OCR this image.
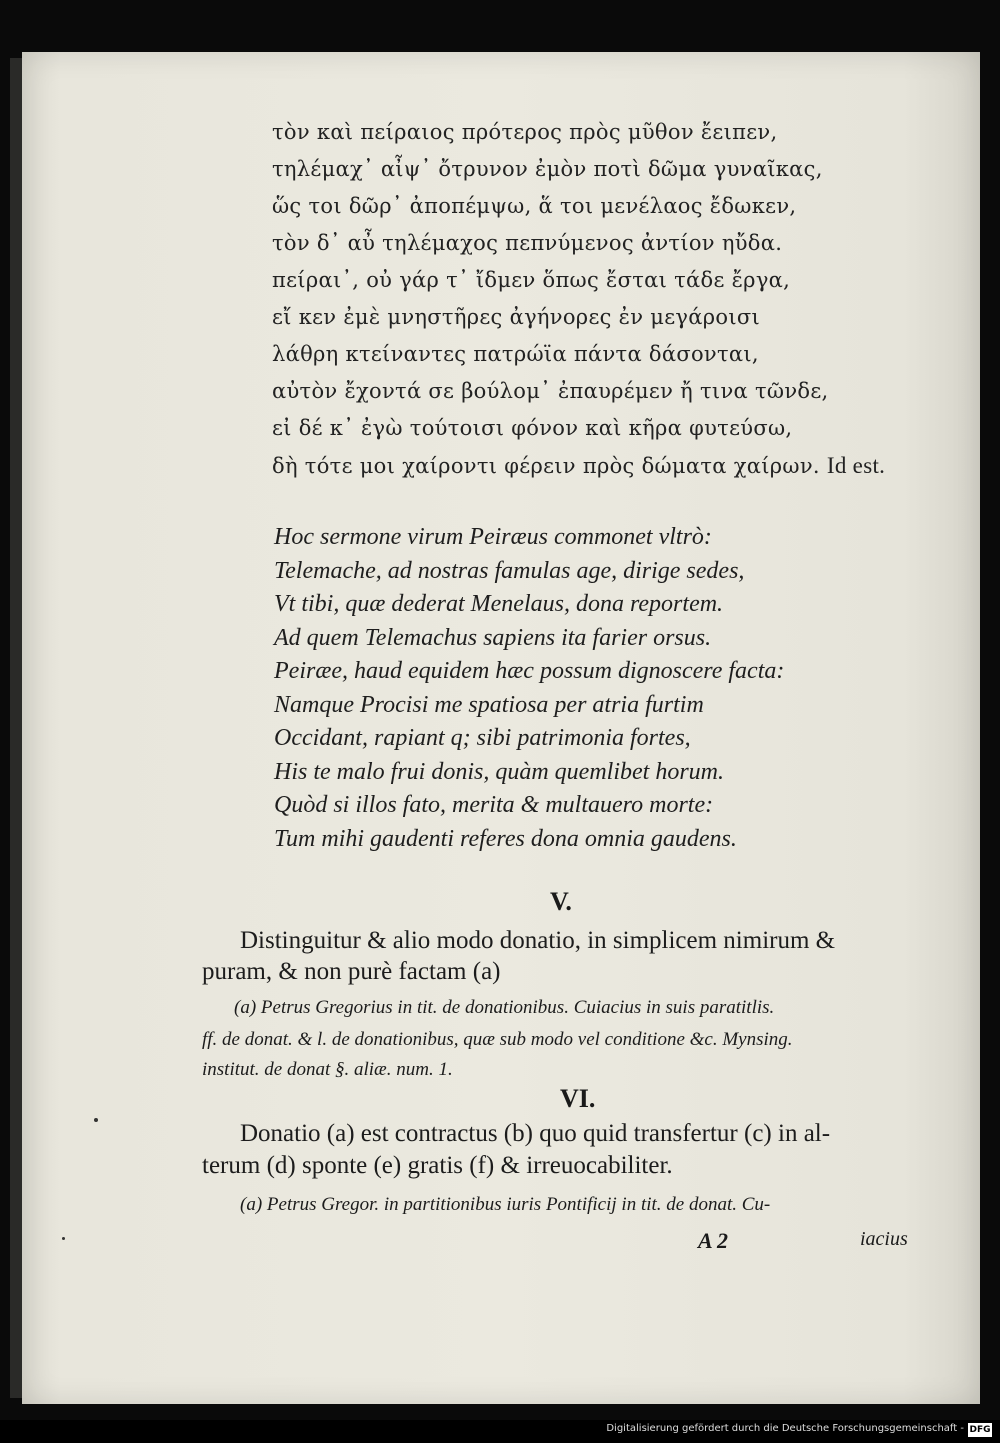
τὸν καὶ πείραιος πρότερος πρὸς μῦθον ἔειπεν,
τηλέμαχ᾽ αἶψ᾽ ὄτρυνον ἐμὸν ποτὶ δῶμα γυναῖκας,
ὥς τοι δῶρ᾽ ἀποπέμψω, ἅ τοι μενέλαος ἔδωκεν,
τὸν δ᾽ αὖ τηλέμαχος πεπνύμενος ἀντίον ηὔδα.
πείραι᾽, οὐ γάρ τ᾽ ἴδμεν ὅπως ἔσται τάδε ἔργα,
εἴ κεν ἐμὲ μνηστῆρες ἀγήνορες ἐν μεγάροισι
λάθρη κτείναντες πατρώϊα πάντα δάσονται,
αὐτὸν ἔχοντά σε βούλομ᾽ ἐπαυρέμεν ἤ τινα τῶνδε,
εἰ δέ κ᾽ ἐγὼ τούτοισι φόνον καὶ κῆρα φυτεύσω,
δὴ τότε μοι χαίροντι φέρειν πρὸς δώματα χαίρων. Id est.
Hoc sermone virum Peiræus commonet vltrò:
Telemache, ad nostras famulas age, dirige sedes,
Vt tibi, quæ dederat Menelaus, dona reportem.
Ad quem Telemachus sapiens ita farier orsus.
Peiræe, haud equidem hæc possum dignoscere facta:
Namque Procisi me spatiosa per atria furtim
Occidant, rapiant q; sibi patrimonia fortes,
His te malo frui donis, quàm quemlibet horum.
Quòd si illos fato, merita & multauero morte:
Tum mihi gaudenti referes dona omnia gaudens.
V.
Distinguitur & alio modo donatio, in simplicem nimirum &
puram, & non purè factam (a)
(a) Petrus Gregorius in tit. de donationibus. Cuiacius in suis paratitlis.
ff. de donat. & l. de donationibus, quæ sub modo vel conditione &c. Mynsing.
institut. de donat §. aliæ. num. 1.
VI.
Donatio (a) est contractus (b) quo quid transfertur (c) in al-
terum (d) sponte (e) gratis (f) & irreuocabiliter.
(a) Petrus Gregor. in partitionibus iuris Pontificij in tit. de donat. Cu-
A 2	iacius
Digitalisierung gefördert durch die Deutsche Forschungsgemeinschaft - DFG
